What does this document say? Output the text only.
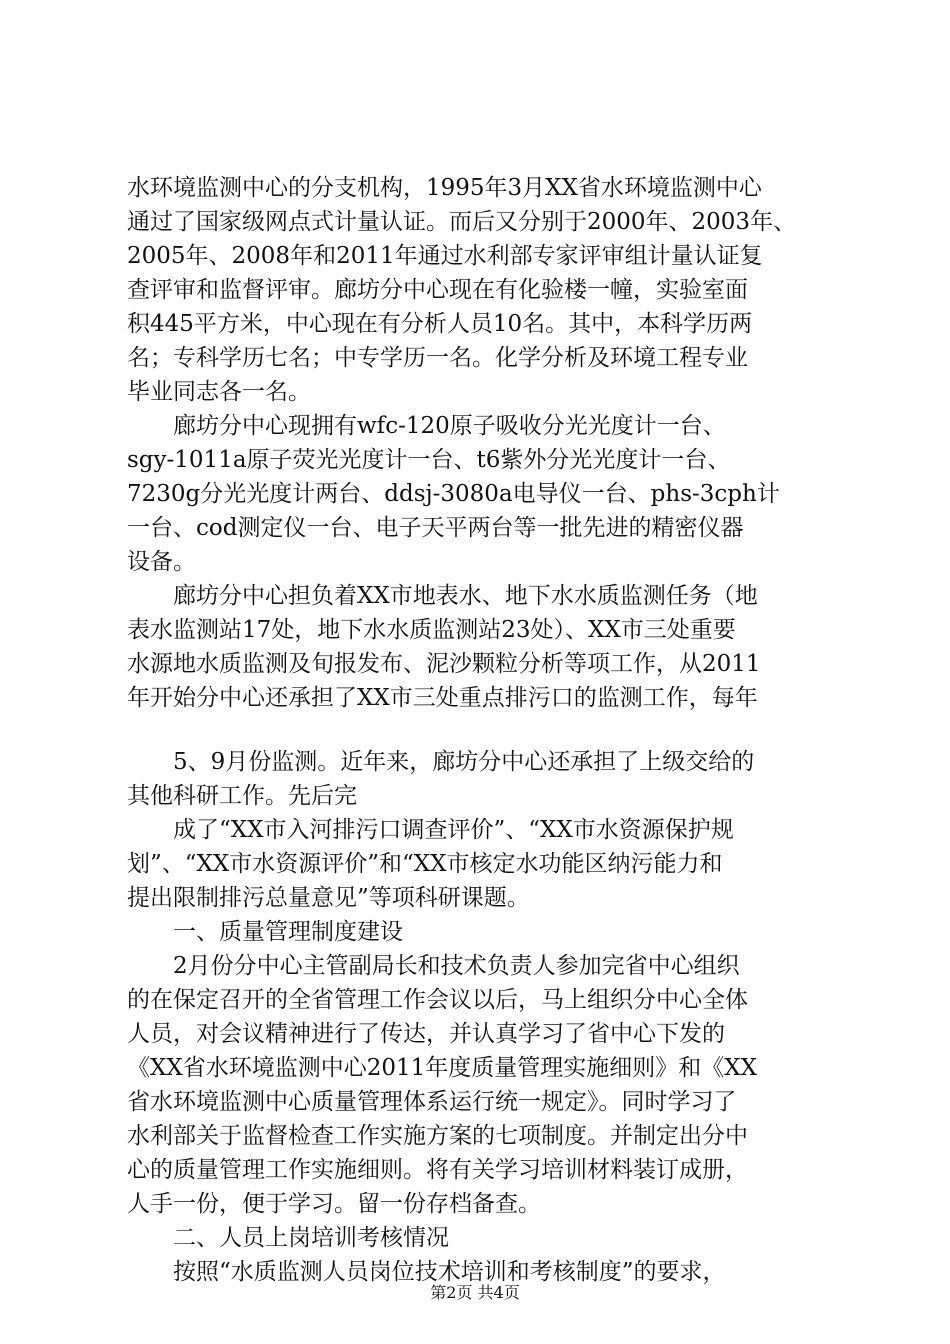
水环境监测中心的分支机构，1995年3月XX省水环境监测中心
通过了国家级网点式计量认证。而后又分别于2000年、2003年、
2005年、2008年和2011年通过水利部专家评审组计量认证复
查评审和监督评审。廊坊分中心现在有化验楼一幢，实验室面
积445平方米，中心现在有分析人员10名。其中，本科学历两
名；专科学历七名；中专学历一名。化学分析及环境工程专业
毕业同志各一名。
　　廊坊分中心现拥有wfc-120原子吸收分光光度计一台、
sgy-1011a原子荧光光度计一台、t6紫外分光光度计一台、
7230g分光光度计两台、ddsj-3080a电导仪一台、phs-3cph计
一台、cod测定仪一台、电子天平两台等一批先进的精密仪器
设备。
　　廊坊分中心担负着XX市地表水、地下水水质监测任务（地
表水监测站17处，地下水水质监测站23处）、XX市三处重要
水源地水质监测及旬报发布、泥沙颗粒分析等项工作，从2011
年开始分中心还承担了XX市三处重点排污口的监测工作，每年
　　5、9月份监测。近年来，廊坊分中心还承担了上级交给的
其他科研工作。先后完
　　成了“XX市入河排污口调查评价”、“XX市水资源保护规
划”、“XX市水资源评价”和“XX市核定水功能区纳污能力和
提出限制排污总量意见”等项科研课题。
　　一、质量管理制度建设
　　2月份分中心主管副局长和技术负责人参加完省中心组织
的在保定召开的全省管理工作会议以后，马上组织分中心全体
人员，对会议精神进行了传达，并认真学习了省中心下发的
《XX省水环境监测中心2011年度质量管理实施细则》和《XX
省水环境监测中心质量管理体系运行统一规定》。同时学习了
水利部关于监督检查工作实施方案的七项制度。并制定出分中
心的质量管理工作实施细则。将有关学习培训材料装订成册，
人手一份，便于学习。留一份存档备查。
　　二、人员上岗培训考核情况
　　按照“水质监测人员岗位技术培训和考核制度”的要求，
第2页 共4页
